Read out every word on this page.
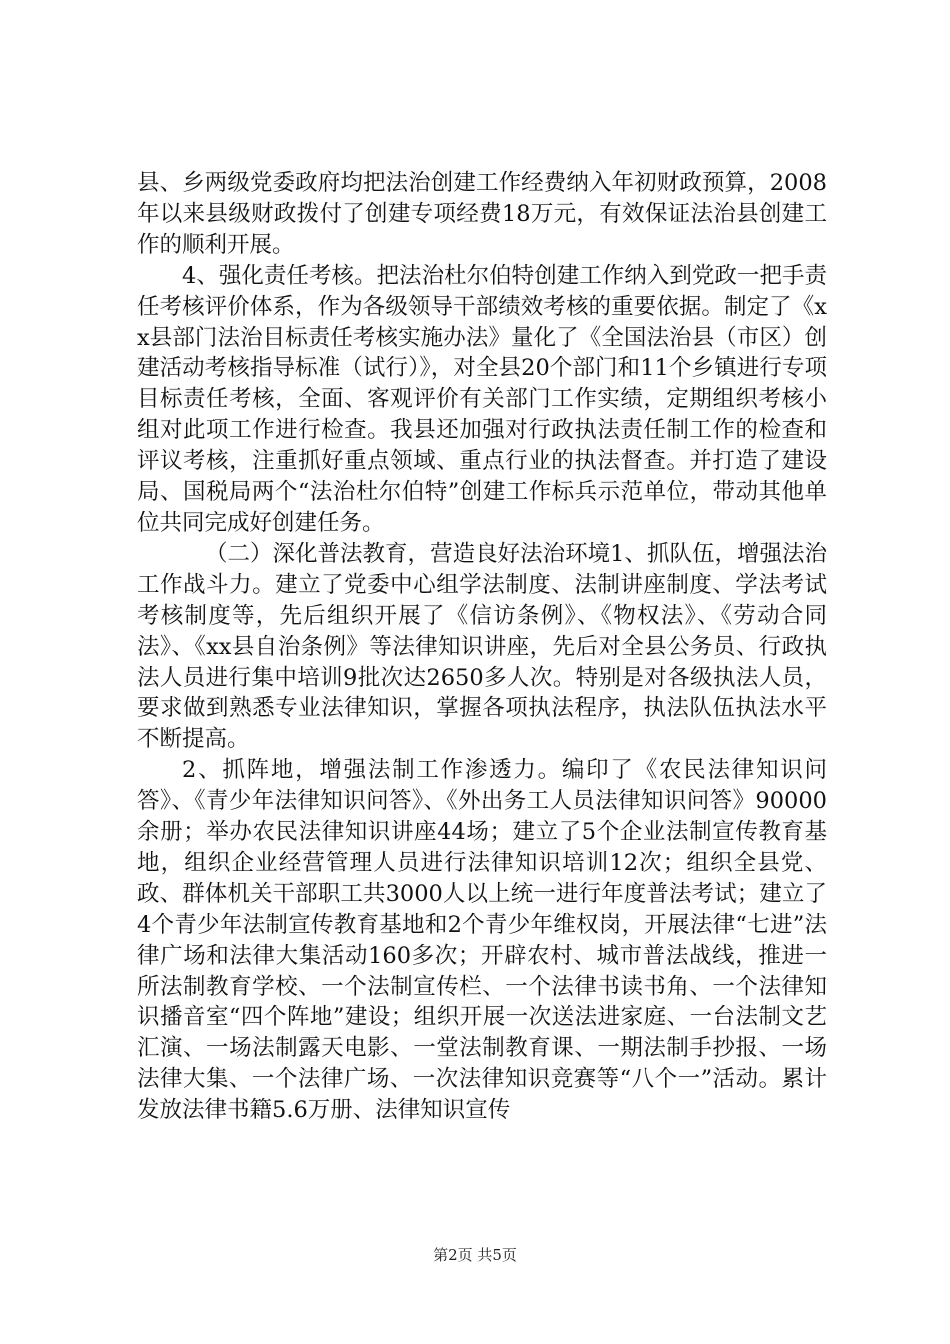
县、乡两级党委政府均把法治创建工作经费纳入年初财政预算，2008年以来县级财政拨付了创建专项经费18万元，有效保证法治县创建工作的顺利开展。

4、强化责任考核。把法治杜尔伯特创建工作纳入到党政一把手责任考核评价体系，作为各级领导干部绩效考核的重要依据。制定了《xx县部门法治目标责任考核实施办法》量化了《全国法治县（市区）创建活动考核指导标准（试行）》，对全县20个部门和11个乡镇进行专项目标责任考核，全面、客观评价有关部门工作实绩，定期组织考核小组对此项工作进行检查。我县还加强对行政执法责任制工作的检查和评议考核，注重抓好重点领域、重点行业的执法督查。并打造了建设局、国税局两个“法治杜尔伯特”创建工作标兵示范单位，带动其他单位共同完成好创建任务。

（二）深化普法教育，营造良好法治环境1、抓队伍，增强法治工作战斗力。建立了党委中心组学法制度、法制讲座制度、学法考试考核制度等，先后组织开展了《信访条例》、《物权法》、《劳动合同法》、《xx县自治条例》等法律知识讲座，先后对全县公务员、行政执法人员进行集中培训9批次达2650多人次。特别是对各级执法人员，要求做到熟悉专业法律知识，掌握各项执法程序，执法队伍执法水平不断提高。

2、抓阵地，增强法制工作渗透力。编印了《农民法律知识问答》、《青少年法律知识问答》、《外出务工人员法律知识问答》90000余册；举办农民法律知识讲座44场；建立了5个企业法制宣传教育基地，组织企业经营管理人员进行法律知识培训12次；组织全县党、政、群体机关干部职工共3000人以上统一进行年度普法考试；建立了4个青少年法制宣传教育基地和2个青少年维权岗，开展法律“七进”法律广场和法律大集活动160多次；开辟农村、城市普法战线，推进一所法制教育学校、一个法制宣传栏、一个法律书读书角、一个法律知识播音室“四个阵地”建设；组织开展一次送法进家庭、一台法制文艺汇演、一场法制露天电影、一堂法制教育课、一期法制手抄报、一场法律大集、一个法律广场、一次法律知识竞赛等“八个一”活动。累计发放法律书籍5.6万册、法律知识宣传

第2页 共5页
